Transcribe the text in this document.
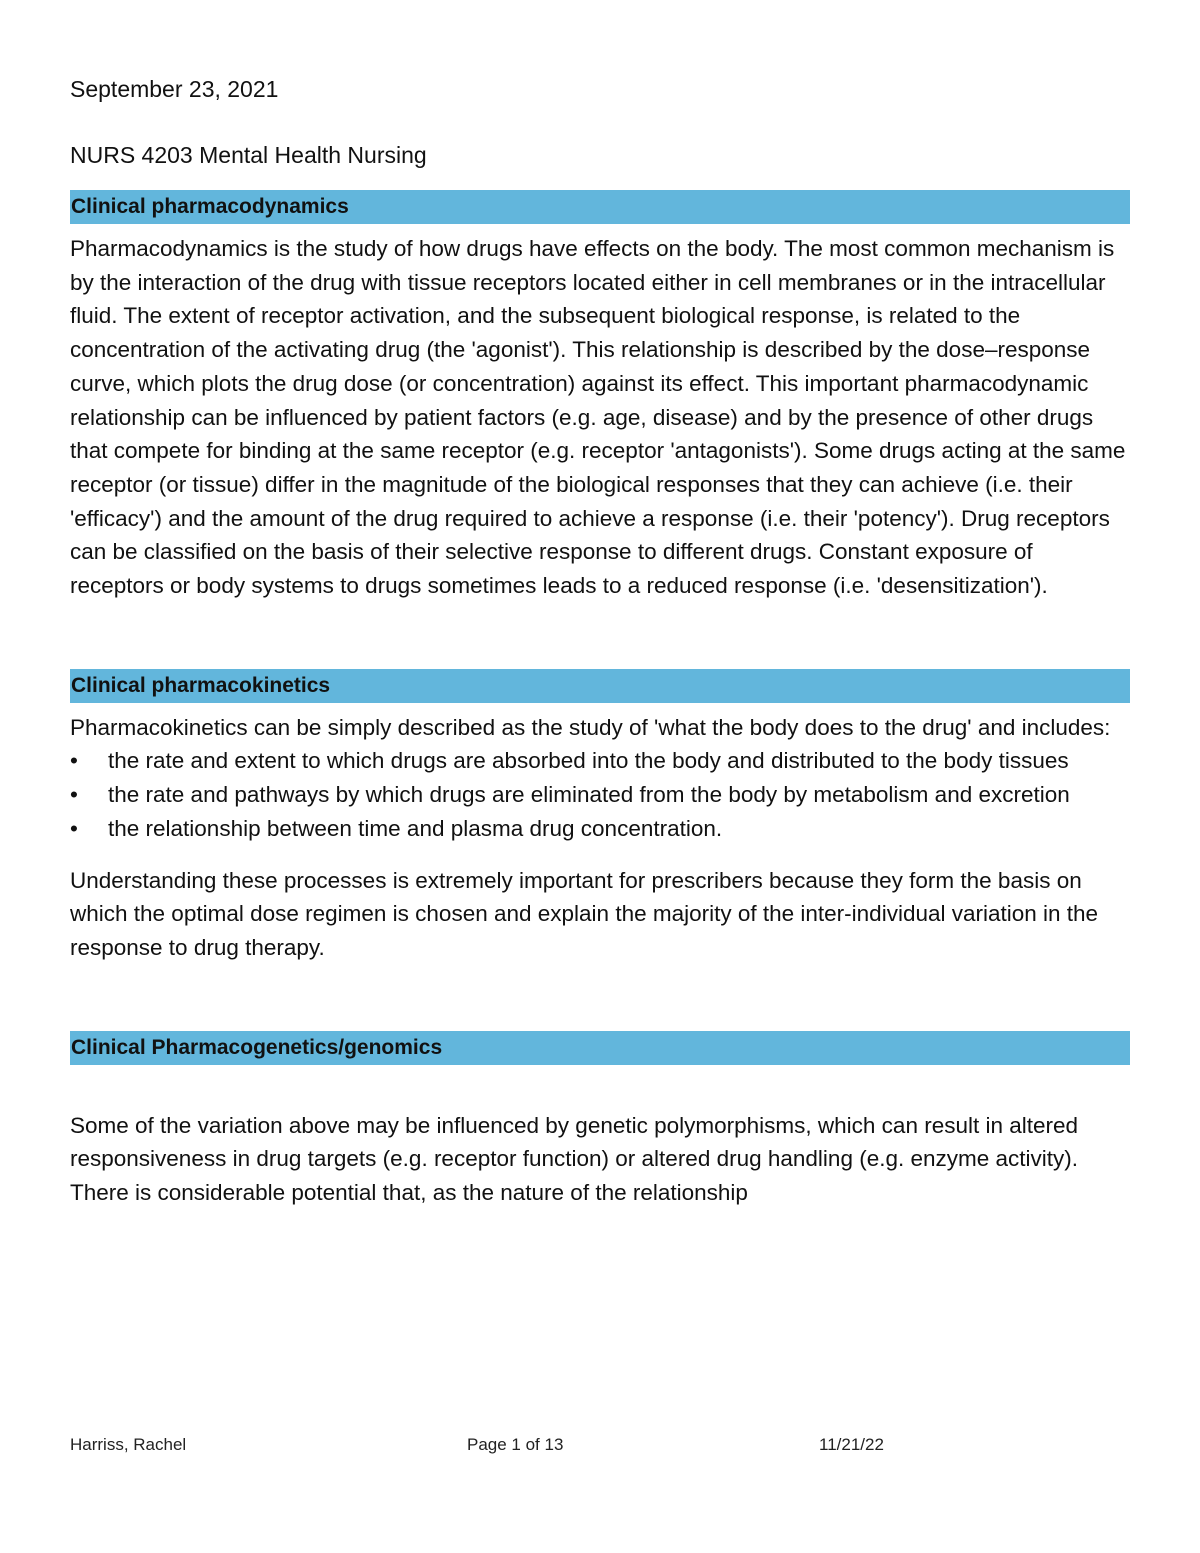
September 23, 2021
NURS 4203 Mental Health Nursing
Clinical pharmacodynamics

Pharmacodynamics is the study of how drugs have effects on the body. The most common mechanism is by the interaction of the drug with tissue receptors located either in cell membranes or in the intracellular fluid. The extent of receptor activation, and the subsequent biological response, is related to the concentration of the activating drug (the 'agonist'). This relationship is described by the dose–response curve, which plots the drug dose (or concentration) against its effect. This important pharmacodynamic relationship can be influenced by patient factors (e.g. age, disease) and by the presence of other drugs that compete for binding at the same receptor (e.g. receptor 'antagonists'). Some drugs acting at the same receptor (or tissue) differ in the magnitude of the biological responses that they can achieve (i.e. their 'efficacy') and the amount of the drug required to achieve a response (i.e. their 'potency'). Drug receptors can be classified on the basis of their selective response to different drugs. Constant exposure of receptors or body systems to drugs sometimes leads to a reduced response (i.e. 'desensitization').

Clinical pharmacokinetics

Pharmacokinetics can be simply described as the study of 'what the body does to the drug' and includes:

• the rate and extent to which drugs are absorbed into the body and distributed to the body tissues
• the rate and pathways by which drugs are eliminated from the body by metabolism and excretion
• the relationship between time and plasma drug concentration.

Understanding these processes is extremely important for prescribers because they form the basis on which the optimal dose regimen is chosen and explain the majority of the inter-individual variation in the response to drug therapy.

Clinical Pharmacogenetics/genomics

Some of the variation above may be influenced by genetic polymorphisms, which can result in altered responsiveness in drug targets (e.g. receptor function) or altered drug handling (e.g. enzyme activity). There is considerable potential that, as the nature of the relationship

Harriss, Rachel	Page 1 of 13	11/21/22
